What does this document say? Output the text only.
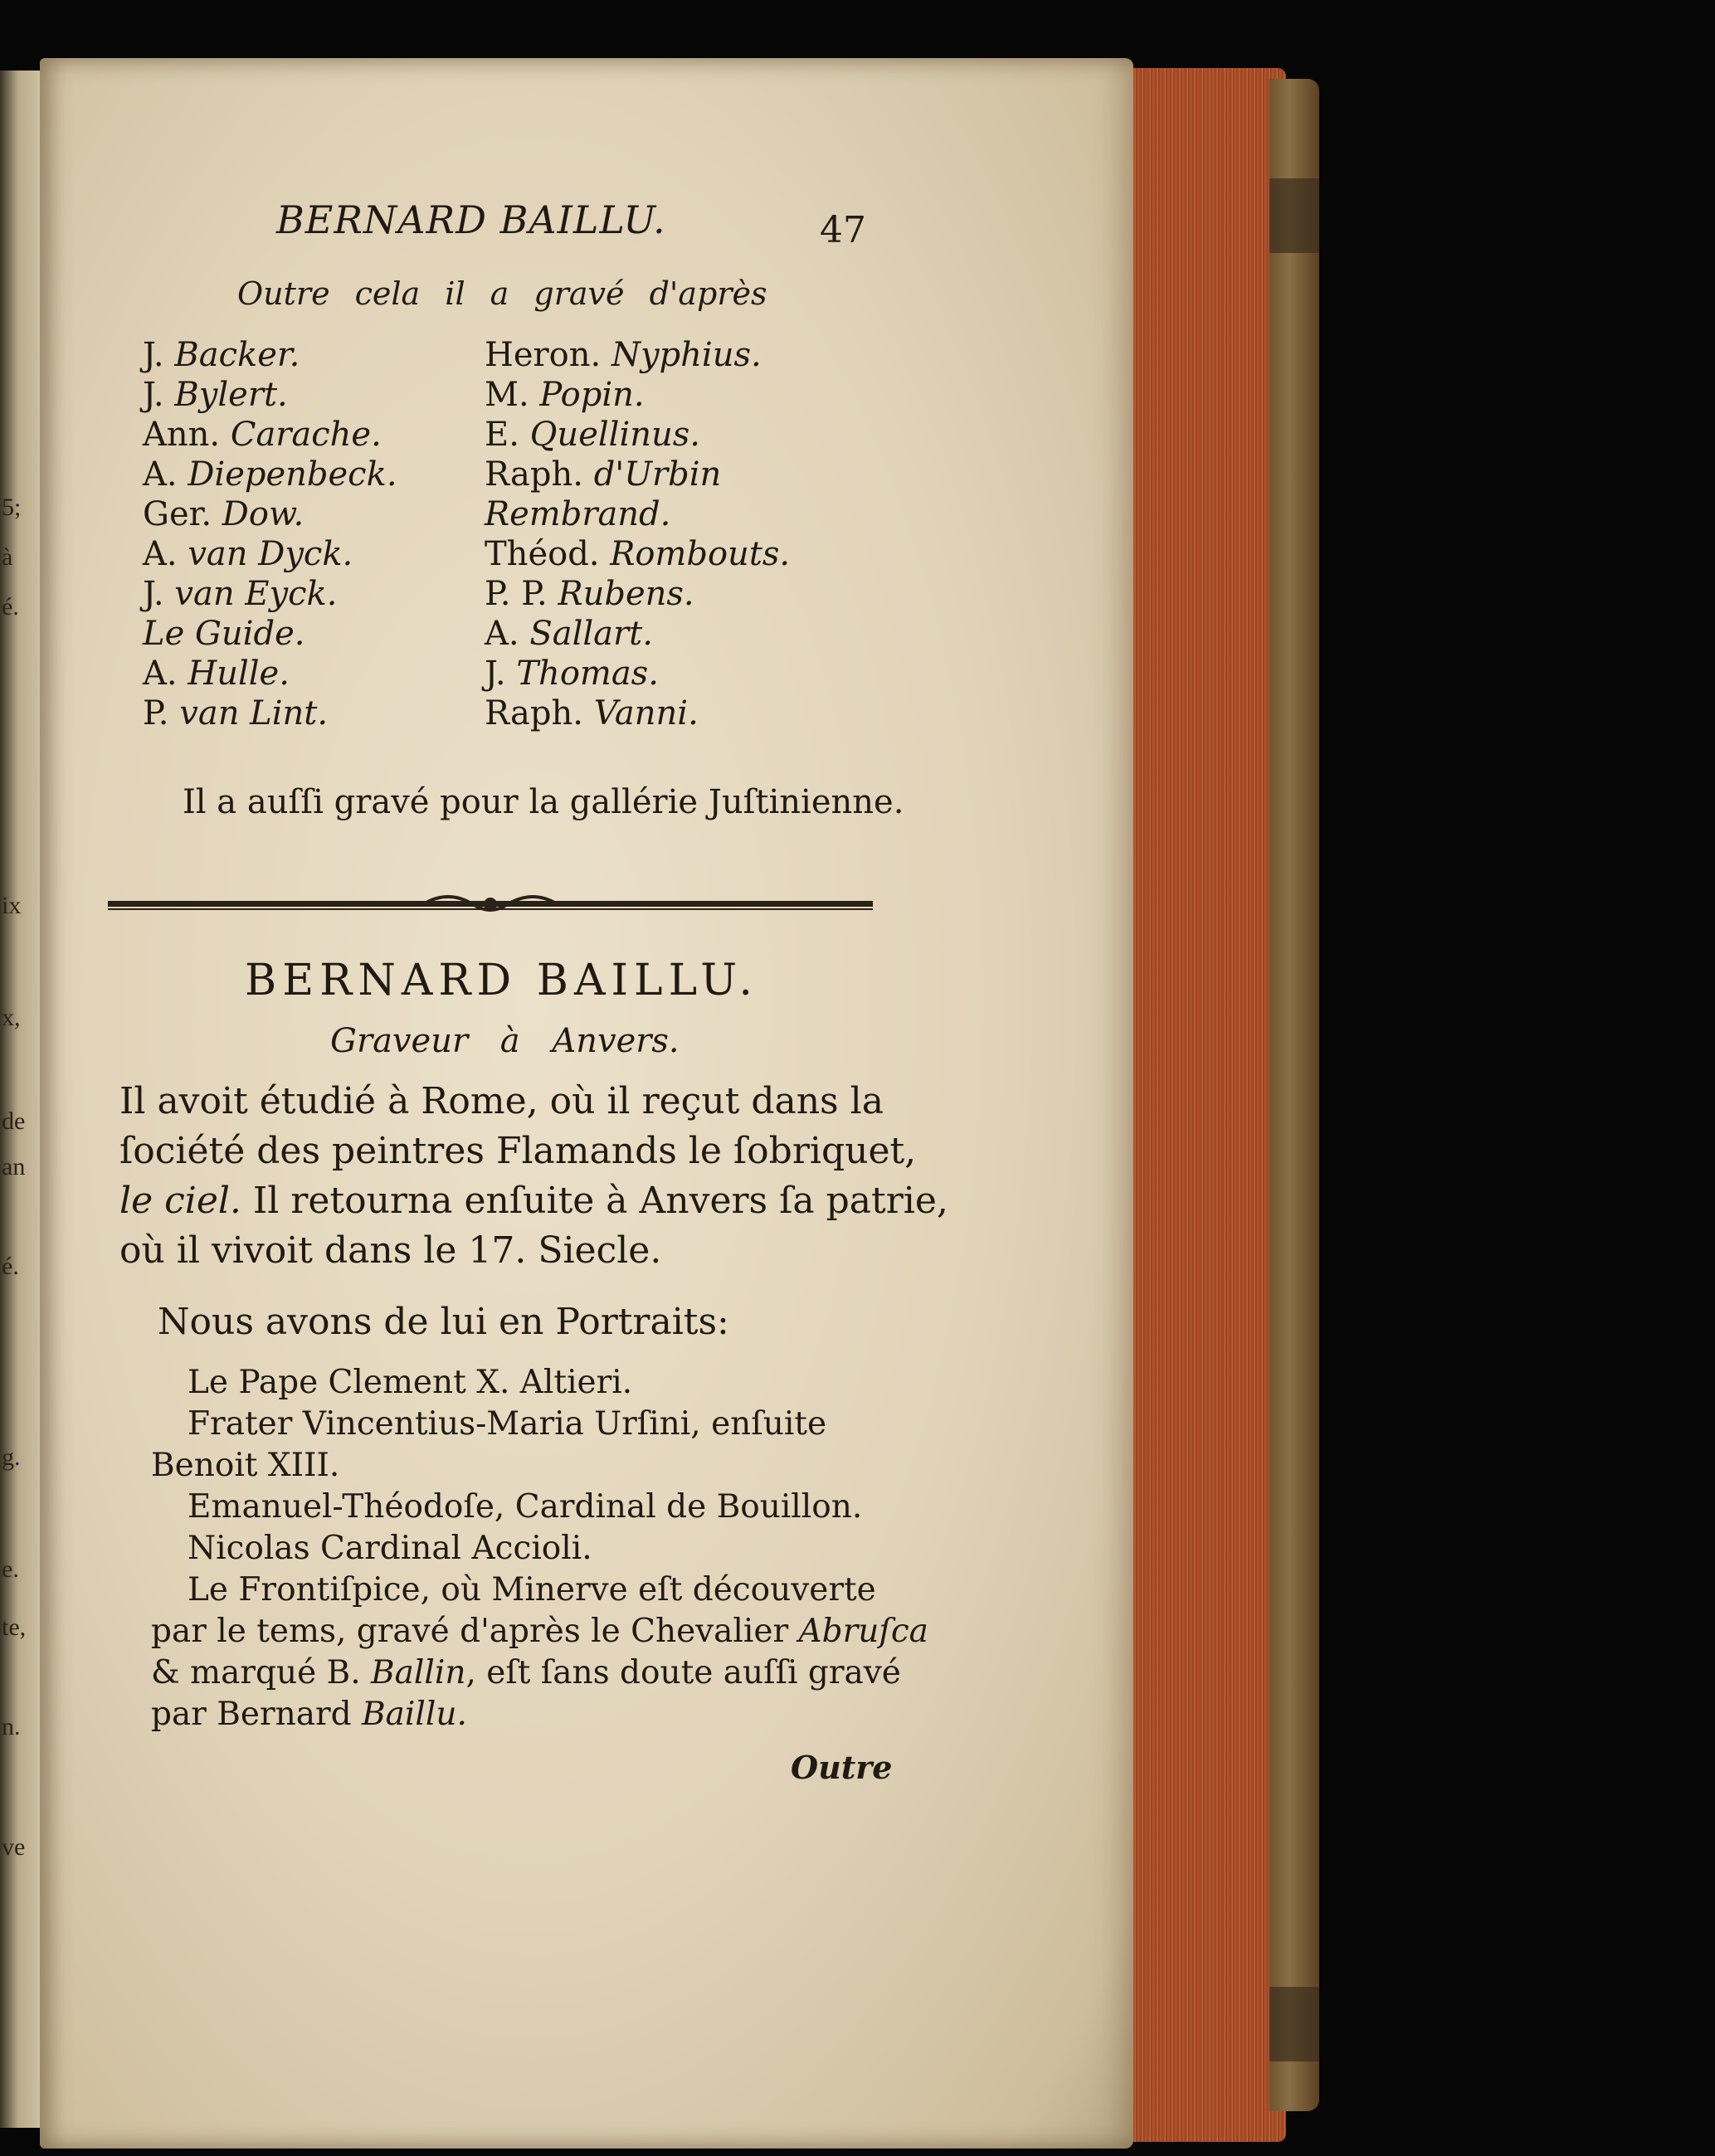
5;
à
é.
ix
x,
de
an
é.
g.
e.
te,
n.
ve
BERNARD BAILLU.	47
Outre cela il a gravé d'après
J. Backer.
J. Bylert.
Ann. Carache.
A. Diepenbeck.
Ger. Dow.
A. van Dyck.
J. van Eyck.
Le Guide.
A. Hulle.
P. van Lint.
Heron. Nyphius.
M. Popin.
E. Quellinus.
Raph. d'Urbin
Rembrand.
Théod. Rombouts.
P. P. Rubens.
A. Sallart.
J. Thomas.
Raph. Vanni.
Il a auſſi gravé pour la gallérie Juſtinienne.
BERNARD BAILLU.
Graveur à Anvers.
Il avoit étudié à Rome, où il reçut dans la
ſociété des peintres Flamands le ſobriquet,
le ciel. Il retourna enſuite à Anvers ſa patrie,
où il vivoit dans le 17. Siecle.
Nous avons de lui en Portraits:
Le Pape Clement X. Altieri.
Frater Vincentius-Maria Urſini, enſuite
Benoit XIII.
Emanuel-Théodoſe, Cardinal de Bouillon.
Nicolas Cardinal Accioli.
Le Frontiſpice, où Minerve eſt découverte
par le tems, gravé d'après le Chevalier Abruſca
& marqué B. Ballin, eſt ſans doute auſſi gravé
par Bernard Baillu.
Outre
